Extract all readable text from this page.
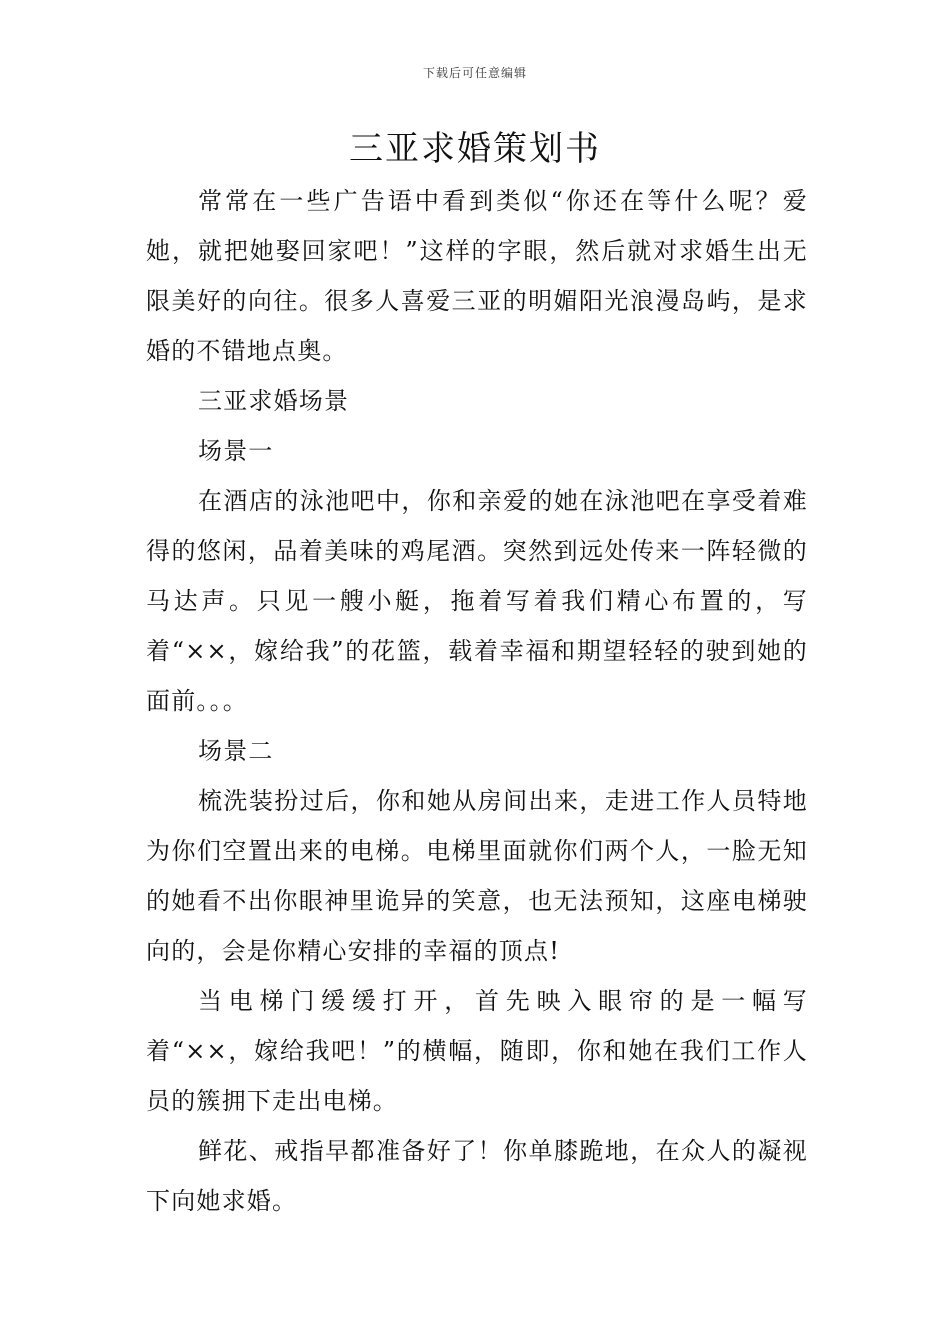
下载后可任意编辑
三亚求婚策划书

常常在一些广告语中看到类似“你还在等什么呢？爱她，就把她娶回家吧！”这样的字眼，然后就对求婚生出无限美好的向往。很多人喜爱三亚的明媚阳光浪漫岛屿，是求婚的不错地点奥。

三亚求婚场景

场景一

在酒店的泳池吧中，你和亲爱的她在泳池吧在享受着难得的悠闲，品着美味的鸡尾酒。突然到远处传来一阵轻微的马达声。只见一艘小艇，拖着写着我们精心布置的，写着“××，嫁给我”的花篮，载着幸福和期望轻轻的驶到她的面前。。。

场景二

梳洗装扮过后，你和她从房间出来，走进工作人员特地为你们空置出来的电梯。电梯里面就你们两个人，一脸无知的她看不出你眼神里诡异的笑意，也无法预知，这座电梯驶向的，会是你精心安排的幸福的顶点!

当电梯门缓缓打开，首先映入眼帘的是一幅写着“××，嫁给我吧！”的横幅，随即，你和她在我们工作人员的簇拥下走出电梯。

鲜花、戒指早都准备好了！你单膝跪地，在众人的凝视下向她求婚。
